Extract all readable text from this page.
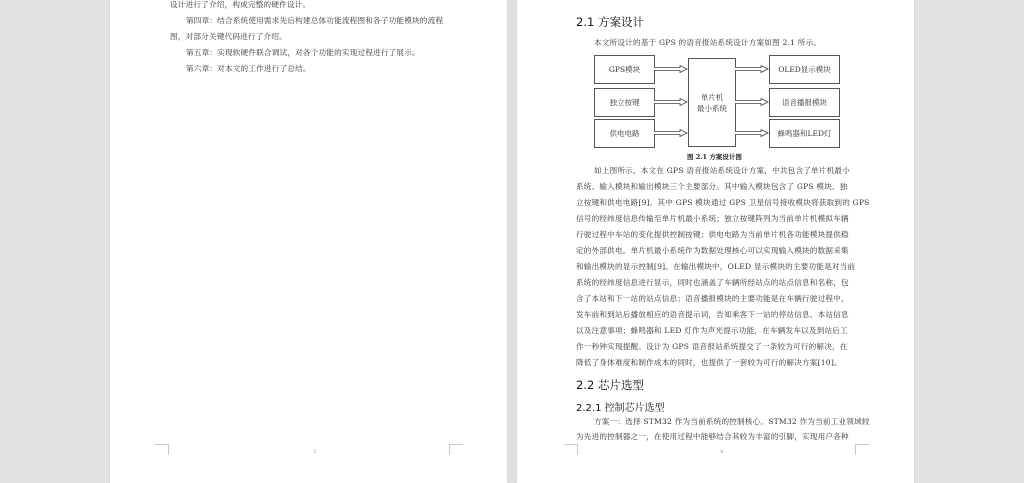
设计进行了介绍，构成完整的硬件设计。
第四章：结合系统使用需求先后构建总体功能流程图和各子功能模块的流程
图，对部分关键代码进行了介绍。
第五章：实现软硬件联合调试，对各个功能的实现过程进行了展示。
第六章：对本文的工作进行了总结。
3
2.1 方案设计
本文所设计的基于 GPS 的语音报站系统设计方案如图 2.1 所示。
GPS模块
独立按键
供电电路
单片机
最小系统
OLED显示模块
语音播报模块
蜂鸣器和LED灯
图 2.1 方案设计图
如上图所示，本文在 GPS 语音报站系统设计方案，中共包含了单片机最小
系统、输入模块和输出模块三个主要部分。其中输入模块包含了 GPS 模块、独
立按键和供电电路[9]。其中 GPS 模块通过 GPS 卫星信号接收模块将获取到的 GPS
信号的经纬度信息传输至单片机最小系统；独立按键阵列为当前单片机模拟车辆
行驶过程中车站的变化提供控制按键；供电电路为当前单片机各功能模块提供稳
定的外部供电。单片机最小系统作为数据处理核心可以实现输入模块的数据采集
和输出模块的显示控制[9]。在输出模块中，OLED 显示模块的主要功能是对当前
系统的经纬度信息进行显示，同时也涵盖了车辆所经站点的站点信息和名称，包
含了本站和下一站的站点信息；语音播报模块的主要功能是在车辆行驶过程中，
发车前和到站后播放相应的语音提示词，告知乘客下一站的停站信息、本站信息
以及注意事项；蜂鸣器和 LED 灯作为声光提示功能，在车辆发车以及到站后工
作一秒钟实现提醒。设计为 GPS 语音报站系统提交了一条较为可行的解决，在
降低了身体难度和制作成本的同时，也提供了一套较为可行的解决方案[10]。
2.2 芯片选型
2.2.1 控制芯片选型
方案一：选择 STM32 作为当前系统的控制核心。STM32 作为当前工业领域较
为先进的控制器之一，在使用过程中能够结合其较为丰富的引脚，实现用户各种
4
